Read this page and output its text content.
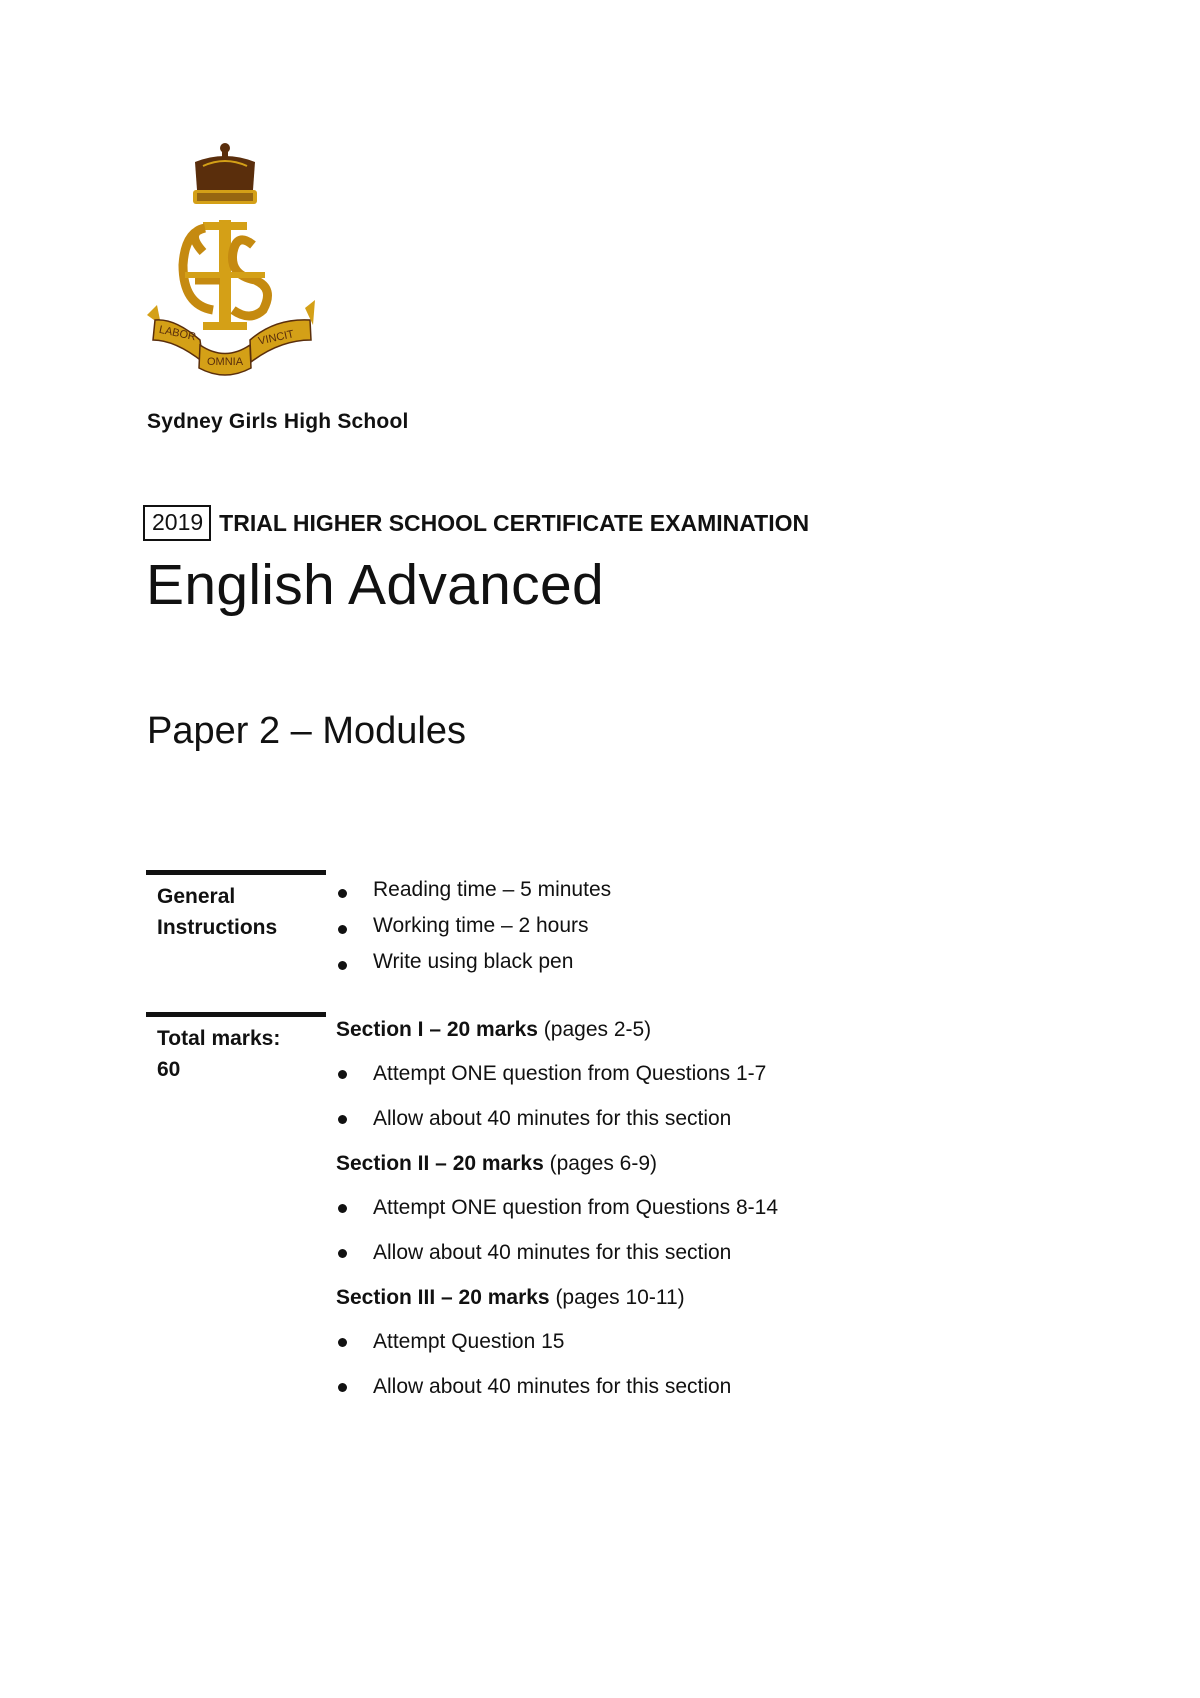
LABOR
OMNIA
VINCIT
Sydney Girls High School
2019 TRIAL HIGHER SCHOOL CERTIFICATE EXAMINATION
English Advanced
Paper 2 – Modules
General
Instructions
Reading time – 5 minutes
Working time – 2 hours
Write using black pen
Total marks:
60
Section I – 20 marks (pages 2-5)
Attempt ONE question from Questions 1-7
Allow about 40 minutes for this section
Section II – 20 marks (pages 6-9)
Attempt ONE question from Questions 8-14
Allow about 40 minutes for this section
Section III – 20 marks (pages 10-11)
Attempt Question 15
Allow about 40 minutes for this section
